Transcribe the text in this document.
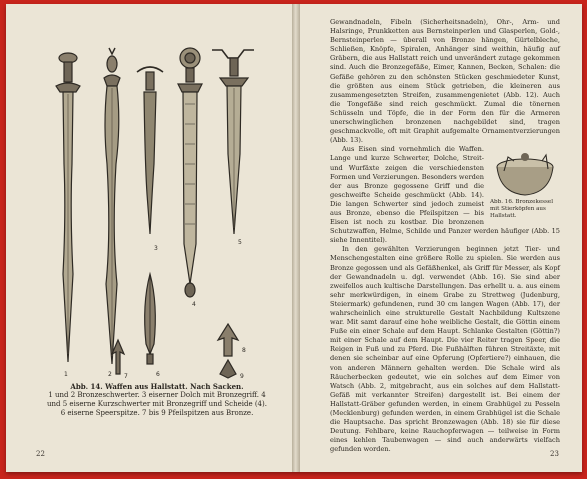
1	2
3
4
5
6
7
8
9
Abb. 14. Waffen aus Hallstatt. Nach Sacken.
1 und 2 Bronzeschwerter. 3 eiserner Dolch mit Bronzegriff. 4 und 5 eiserne Kurzschwerter mit Bronzegriff und Scheide (4). 6 eiserne Speerspitze. 7 bis 9 Pfeilspitzen aus Bronze.
22

Gewandnadeln, Fibeln (Sicherheitsnadeln), Ohr-, Arm- und Halsringe, Prunkketten aus Bernsteinperlen und Glasperlen, Gold-, Bernsteinperlen — überall von Bronze hängen, Gürtelbleche, Schließen, Knöpfe, Spiralen, Anhänger sind weithin, häufig auf Gräbern, die aus Hallstatt reich und unverändert zutage gekommen sind. Auch die Bronzegefäße, Eimer, Kannen, Becken, Schalen: die Gefäße gehören zu den schönsten Stücken geschmiedeter Kunst, die größten aus einem Stück getrieben, die kleineren aus zusammengesetzten Streifen, zusammengenietet (Abb. 12). Auch die Tongefäße sind reich geschmückt. Zumal die tönernen Schüsseln und Töpfe, die in der Form den für die Armeren unerschwinglichen bronzenen nachgebildet sind, tragen geschmackvolle, oft mit Graphit aufgemalte Ornamentverzierungen (Abb. 13).

Abb. 16. Bronzekessel mit Stierköpfen aus Hallstatt.

Aus Eisen sind vornehmlich die Waffen. Lange und kurze Schwerter, Dolche, Streit- und Wurfäxte zeigen die verschiedensten Formen und Verzierungen. Besonders werden der aus Bronze gegossene Griff und die geschweifte Scheide geschmückt (Abb. 14). Die langen Schwerter sind jedoch zumeist aus Bronze, ebenso die Pfeilspitzen — bis Eisen ist noch zu kostbar. Die bronzenen Schutzwaffen, Helme, Schilde und Panzer werden häufiger (Abb. 15 siehe Innentitel).

In den gewählten Verzierungen beginnen jetzt Tier- und Menschengestalten eine größere Rolle zu spielen. Sie werden aus Bronze gegossen und als Gefäßhenkel, als Griff für Messer, als Kopf der Gewandnadeln u. dgl. verwendet (Abb. 16). Sie sind aber zweifellos auch kultische Darstellungen. Das erhellt u. a. aus einem sehr merkwürdigen, in einem Grabe zu Strettweg (Judenburg, Steiermark) gefundenen, rund 30 cm langen Wagen (Abb. 17), der wahrscheinlich eine strukturelle Gestalt Nachbildung Kultszene war. Mit samt darauf eine hohe weibliche Gestalt, die Göttin einem Fuße ein einer Schale auf dem Haupt. Schlanke Gestalten (Göttin?) mit einer Schale auf dem Haupt. Die vier Reiter tragen Speer, die Reigen in Fuß und zu Pferd. Die Fußhälften führen Streitäxte, mit denen sie scheinbar auf eine Opferung (Opfertiere?) einhauen, die von anderen Männern gehalten werden. Die Schale wird als Räucherbecken gedeutet, wie ein solches auf dem Eimer von Watsch (Abb. 2, mitgebracht, aus ein solches auf dem Hallstatt-Gefäß mit verkannter Streifen) dargestellt ist. Bei einem der Hallstatt-Gräber gefunden werden, in einem Grabhügel zu Pesseln (Mecklenburg) gefunden werden, in einem Grabhügel ist die Schale die Hauptsache. Das spricht Bronzewagen (Abb. 18) sie für diese Deutung. Fehlbare, keine Rauchopferwagen — teilweise in Form eines kehlen Taubenwagen — sind auch anderwärts vielfach gefunden worden.

23
